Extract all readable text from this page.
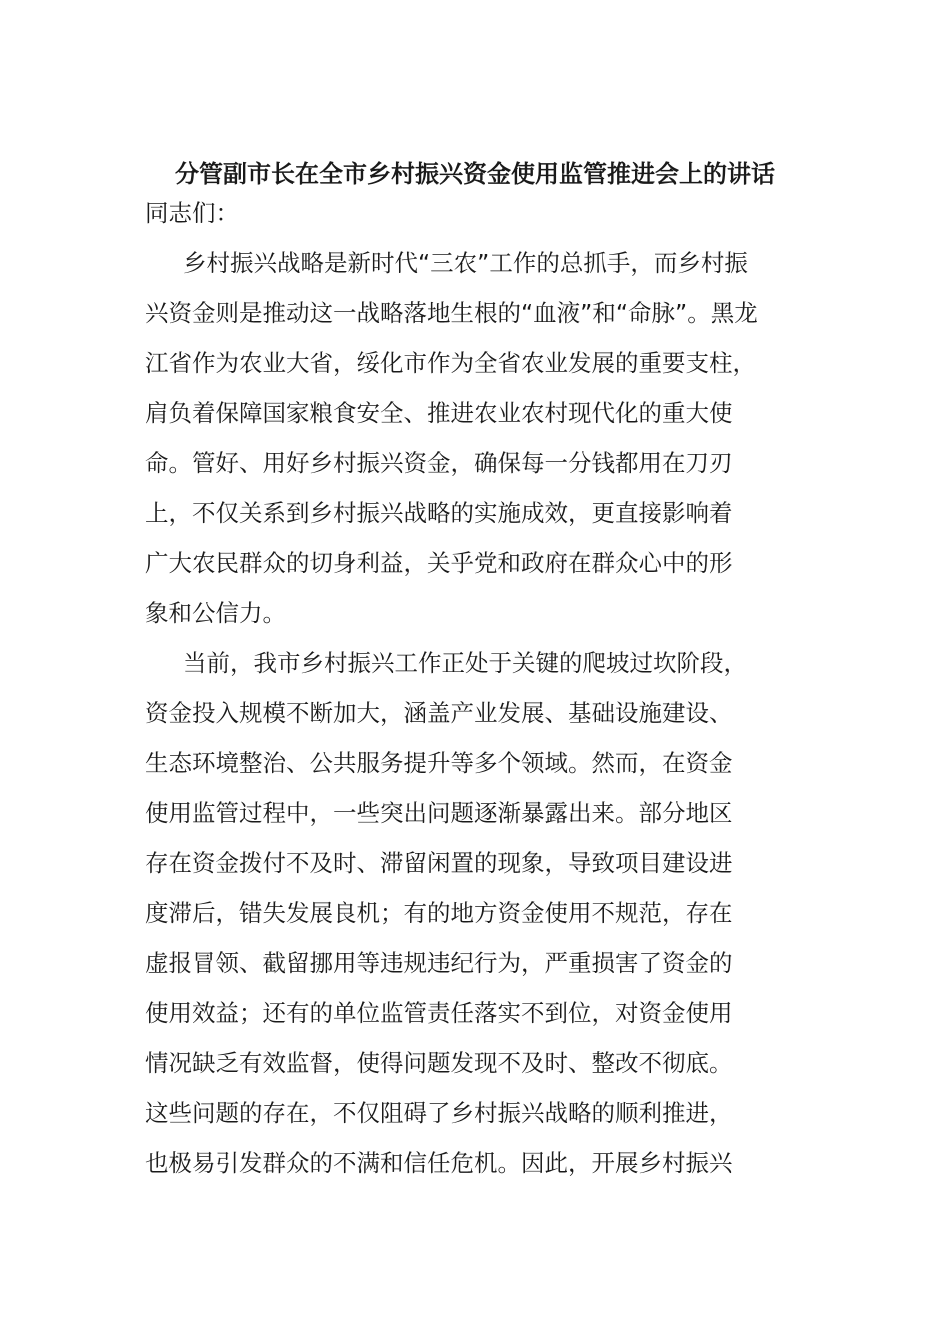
分管副市长在全市乡村振兴资金使用监管推进会上的讲话

同志们：

乡村振兴战略是新时代“三农”工作的总抓手，而乡村振
兴资金则是推动这一战略落地生根的“血液”和“命脉”。黑龙
江省作为农业大省，绥化市作为全省农业发展的重要支柱，
肩负着保障国家粮食安全、推进农业农村现代化的重大使
命。管好、用好乡村振兴资金，确保每一分钱都用在刀刃
上，不仅关系到乡村振兴战略的实施成效，更直接影响着
广大农民群众的切身利益，关乎党和政府在群众心中的形
象和公信力。

当前，我市乡村振兴工作正处于关键的爬坡过坎阶段，
资金投入规模不断加大，涵盖产业发展、基础设施建设、
生态环境整治、公共服务提升等多个领域。然而，在资金
使用监管过程中，一些突出问题逐渐暴露出来。部分地区
存在资金拨付不及时、滞留闲置的现象，导致项目建设进
度滞后，错失发展良机；有的地方资金使用不规范，存在
虚报冒领、截留挪用等违规违纪行为，严重损害了资金的
使用效益；还有的单位监管责任落实不到位，对资金使用
情况缺乏有效监督，使得问题发现不及时、整改不彻底。
这些问题的存在，不仅阻碍了乡村振兴战略的顺利推进，
也极易引发群众的不满和信任危机。因此，开展乡村振兴
